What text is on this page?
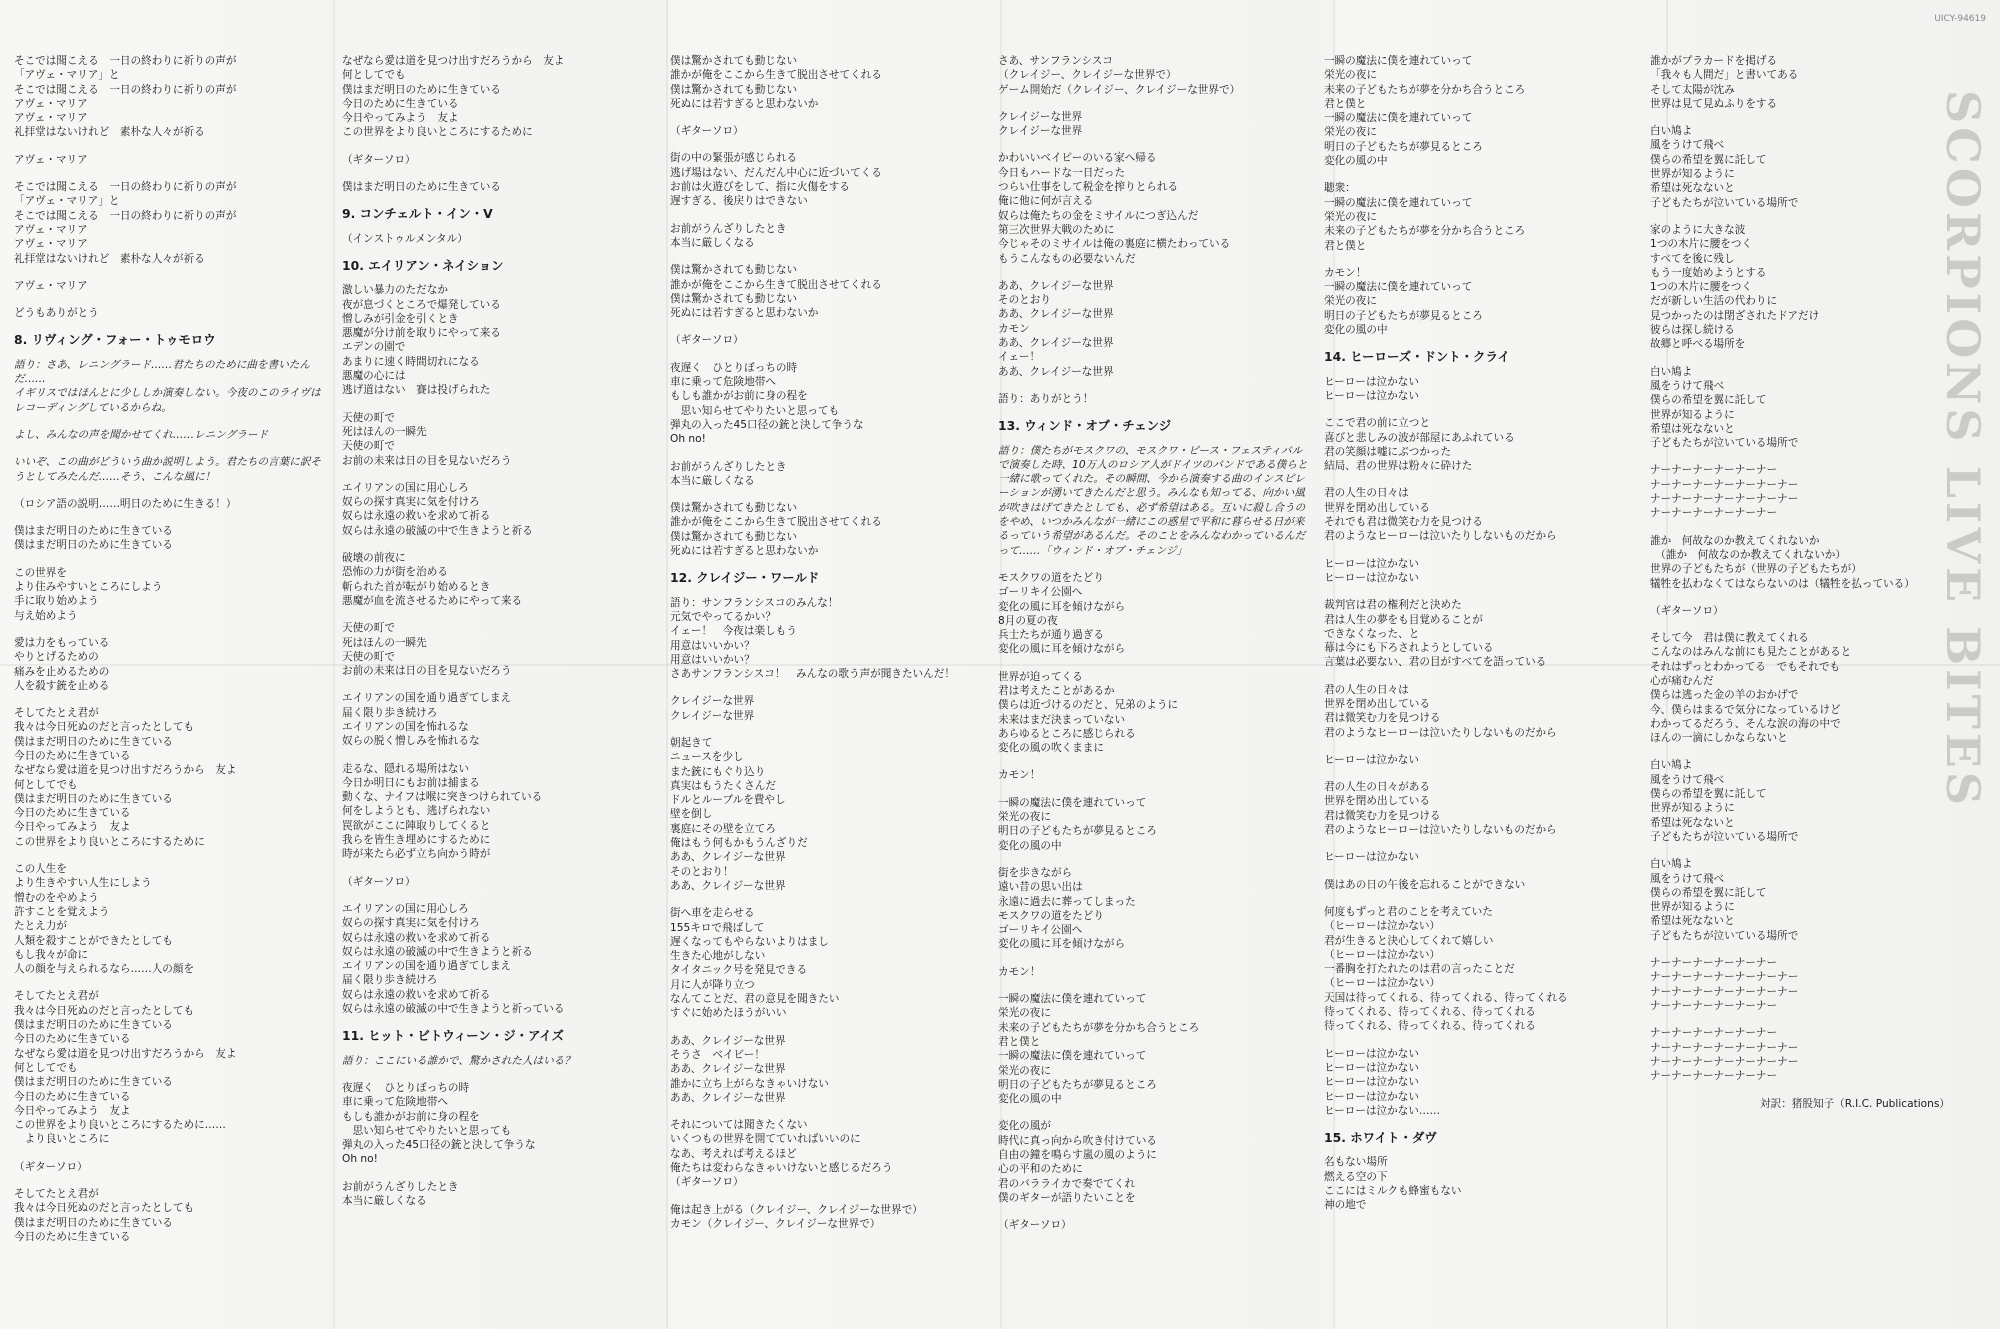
そこでは聞こえる　一日の終わりに祈りの声が
「アヴェ・マリア」と
そこでは聞こえる　一日の終わりに祈りの声が
アヴェ・マリア
アヴェ・マリア
礼拝堂はないけれど　素朴な人々が祈る
アヴェ・マリア
そこでは聞こえる　一日の終わりに祈りの声が
「アヴェ・マリア」と
そこでは聞こえる　一日の終わりに祈りの声が
アヴェ・マリア
アヴェ・マリア
礼拝堂はないけれど　素朴な人々が祈る
アヴェ・マリア
どうもありがとう
8. リヴィング・フォー・トゥモロウ
語り：さあ、レニングラード……君たちのために曲を書いたんだ……
イギリスではほんとに少ししか演奏しない。今夜のこのライヴはレコーディングしているからね。
よし、みんなの声を聞かせてくれ……レニングラード
いいぞ、この曲がどういう曲か説明しよう。君たちの言葉に訳そうとしてみたんだ……そう、こんな風に！
（ロシア語の説明……明日のために生きる！）
僕はまだ明日のために生きている
僕はまだ明日のために生きている
この世界を
より住みやすいところにしよう
手に取り始めよう
与え始めよう
愛は力をもっている
やりとげるための
痛みを止めるための
人を殺す銃を止める
そしてたとえ君が
我々は今日死ぬのだと言ったとしても
僕はまだ明日のために生きている
今日のために生きている
なぜなら愛は道を見つけ出すだろうから　友よ
何としてでも
僕はまだ明日のために生きている
今日のために生きている
今日やってみよう　友よ
この世界をより良いところにするために
この人生を
より生きやすい人生にしよう
憎むのをやめよう
許すことを覚えよう
たとえ力が
人類を殺すことができたとしても
もし我々が命に
人の顔を与えられるなら……人の顔を
そしてたとえ君が
我々は今日死ぬのだと言ったとしても
僕はまだ明日のために生きている
今日のために生きている
なぜなら愛は道を見つけ出すだろうから　友よ
何としてでも
僕はまだ明日のために生きている
今日のために生きている
今日やってみよう　友よ
この世界をより良いところにするために……
　より良いところに
（ギターソロ）
そしてたとえ君が
我々は今日死ぬのだと言ったとしても
僕はまだ明日のために生きている
今日のために生きている
なぜなら愛は道を見つけ出すだろうから　友よ
何としてでも
僕はまだ明日のために生きている
今日のために生きている
今日やってみよう　友よ
この世界をより良いところにするために
（ギターソロ）
僕はまだ明日のために生きている
9. コンチェルト・イン・V
（インストゥルメンタル）
10. エイリアン・ネイション
激しい暴力のただなか
夜が息づくところで爆発している
憎しみが引金を引くとき
悪魔が分け前を取りにやって来る
エデンの園で
あまりに速く時間切れになる
悪魔の心には
逃げ道はない　賽は投げられた
天使の町で
死はほんの一瞬先
天使の町で
お前の未来は日の目を見ないだろう
エイリアンの国に用心しろ
奴らの探す真実に気を付けろ
奴らは永遠の救いを求めて祈る
奴らは永遠の破滅の中で生きようと祈る
破壊の前夜に
恐怖の力が街を治める
斬られた首が転がり始めるとき
悪魔が血を流させるためにやって来る
天使の町で
死はほんの一瞬先
天使の町で
お前の未来は日の目を見ないだろう
エイリアンの国を通り過ぎてしまえ
届く限り歩き続けろ
エイリアンの国を怖れるな
奴らの脱く憎しみを怖れるな
走るな、隠れる場所はない
今日か明日にもお前は捕まる
動くな、ナイフは喉に突きつけられている
何をしようとも、逃げられない
罠欲がここに陣取りしてくると
我らを皆生き埋めにするために
時が来たら必ず立ち向かう時が
（ギターソロ）
エイリアンの国に用心しろ
奴らの探す真実に気を付けろ
奴らは永遠の救いを求めて祈る
奴らは永遠の破滅の中で生きようと祈る
エイリアンの国を通り過ぎてしまえ
届く限り歩き続けろ
奴らは永遠の救いを求めて祈る
奴らは永遠の破滅の中で生きようと祈っている
11. ヒット・ビトウィーン・ジ・アイズ
語り：ここにいる誰かで、驚かされた人はいる？
夜遅く　ひとりぼっちの時
車に乗って危険地帯へ
もしも誰かがお前に身の程を
　思い知らせてやりたいと思っても
弾丸の入った45口径の銃と決して争うな
Oh no!
お前がうんざりしたとき
本当に厳しくなる
僕は驚かされても動じない
誰かが俺をここから生きて脱出させてくれる
僕は驚かされても動じない
死ぬには若すぎると思わないか
（ギターソロ）
街の中の緊張が感じられる
逃げ場はない、だんだん中心に近づいてくる
お前は火遊びをして、指に火傷をする
遅すぎる、後戻りはできない
お前がうんざりしたとき
本当に厳しくなる
僕は驚かされても動じない
誰かが俺をここから生きて脱出させてくれる
僕は驚かされても動じない
死ぬには若すぎると思わないか
（ギターソロ）
夜遅く　ひとりぼっちの時
車に乗って危険地帯へ
もしも誰かがお前に身の程を
　思い知らせてやりたいと思っても
弾丸の入った45口径の銃と決して争うな
Oh no!
お前がうんざりしたとき
本当に厳しくなる
僕は驚かされても動じない
誰かが俺をここから生きて脱出させてくれる
僕は驚かされても動じない
死ぬには若すぎると思わないか
12. クレイジー・ワールド
語り：サンフランシスコのみんな！
元気でやってるかい？
イェー！　今夜は楽しもう
用意はいいかい？
用意はいいかい？
さあサンフランシスコ！　みんなの歌う声が聞きたいんだ！
クレイジーな世界
クレイジーな世界
朝起きて
ニュースを少し
また銃にもぐり込り
真実はもうたくさんだ
ドルとルーブルを費やし
壁を倒し
裏庭にその壁を立てろ
俺はもう何もかもうんざりだ
ああ、クレイジーな世界
そのとおり！
ああ、クレイジーな世界
街へ車を走らせる
155キロで飛ばして
遅くなってもやらないよりはまし
生きた心地がしない
タイタニック号を発見できる
月に人が降り立つ
なんてことだ、君の意見を聞きたい
すぐに始めたほうがいい
ああ、クレイジーな世界
そうさ　ベイビー！
ああ、クレイジーな世界
誰かに立ち上がらなきゃいけない
ああ、クレイジーな世界
それについては聞きたくない
いくつもの世界を開てていればいいのに
なあ、考えれば考えるほど
俺たちは変わらなきゃいけないと感じるだろう
（ギターソロ）
俺は起き上がる（クレイジー、クレイジーな世界で）
カモン（クレイジー、クレイジーな世界で）
さあ、サンフランシスコ
（クレイジー、クレイジーな世界で）
ゲーム開始だ（クレイジー、クレイジーな世界で）
クレイジーな世界
クレイジーな世界
かわいいベイビーのいる家へ帰る
今日もハードな一日だった
つらい仕事をして税金を搾りとられる
俺に他に何が言える
奴らは俺たちの金をミサイルにつぎ込んだ
第三次世界大戦のために
今じゃそのミサイルは俺の裏庭に横たわっている
もうこんなもの必要ないんだ
ああ、クレイジーな世界
そのとおり
ああ、クレイジーな世界
カモン
ああ、クレイジーな世界
イェー！
ああ、クレイジーな世界
語り：ありがとう！
13. ウィンド・オブ・チェンジ
語り：僕たちがモスクワの、モスクワ・ピース・フェスティバルで演奏した時、10万人のロシア人がドイツのバンドである僕らと一緒に歌ってくれた。その瞬間、今から演奏する曲のインスピレーションが湧いてきたんだと思う。みんなも知ってる、向かい風が吹きはげてきたとしても、必ず希望はある。互いに殺し合うのをやめ、いつかみんなが一緒にこの惑星で平和に暮らせる日が来るっていう希望があるんだ。そのことをみんなわかっているんだって……「ウィンド・オブ・チェンジ」
モスクワの道をたどり
ゴーリキイ公園へ
変化の風に耳を傾けながら
8月の夏の夜
兵士たちが通り過ぎる
変化の風に耳を傾けながら
世界が迫ってくる
君は考えたことがあるか
僕らは近づけるのだと、兄弟のように
未来はまだ決まっていない
あらゆるところに感じられる
変化の風の吹くままに
カモン！
一瞬の魔法に僕を連れていって
栄光の夜に
明日の子どもたちが夢見るところ
変化の風の中
街を歩きながら
遠い昔の思い出は
永遠に過去に葬ってしまった
モスクワの道をたどり
ゴーリキイ公園へ
変化の風に耳を傾けながら
カモン！
一瞬の魔法に僕を連れていって
栄光の夜に
未来の子どもたちが夢を分かち合うところ
君と僕と
一瞬の魔法に僕を連れていって
栄光の夜に
明日の子どもたちが夢見るところ
変化の風の中
変化の風が
時代に真っ向から吹き付けている
自由の鐘を鳴らす嵐の風のように
心の平和のために
君のバラライカで奏でてくれ
僕のギターが語りたいことを
（ギターソロ）
一瞬の魔法に僕を連れていって
栄光の夜に
未来の子どもたちが夢を分かち合うところ
君と僕と
一瞬の魔法に僕を連れていって
栄光の夜に
明日の子どもたちが夢見るところ
変化の風の中
聴衆：
一瞬の魔法に僕を連れていって
栄光の夜に
未来の子どもたちが夢を分かち合うところ
君と僕と
カモン！
一瞬の魔法に僕を連れていって
栄光の夜に
明日の子どもたちが夢見るところ
変化の風の中
14. ヒーローズ・ドント・クライ
ヒーローは泣かない
ヒーローは泣かない
ここで君の前に立つと
喜びと悲しみの波が部屋にあふれている
君の笑顔は嘘にぶつかった
結局、君の世界は粉々に砕けた
君の人生の日々は
世界を閉め出している
それでも君は微笑む力を見つける
君のようなヒーローは泣いたりしないものだから
ヒーローは泣かない
ヒーローは泣かない
裁判官は君の権利だと決めた
君は人生の夢をも目覚めることが
できなくなった、と
幕は今にも下ろされようとしている
言葉は必要ない、君の目がすべてを語っている
君の人生の日々は
世界を閉め出している
君は微笑む力を見つける
君のようなヒーローは泣いたりしないものだから
ヒーローは泣かない
君の人生の日々がある
世界を閉め出している
君は微笑む力を見つける
君のようなヒーローは泣いたりしないものだから
ヒーローは泣かない
僕はあの日の午後を忘れることができない
何度もずっと君のことを考えていた
（ヒーローは泣かない）
君が生きると決心してくれて嬉しい
（ヒーローは泣かない）
一番胸を打たれたのは君の言ったことだ
（ヒーローは泣かない）
天国は待ってくれる、待ってくれる、待ってくれる
待ってくれる、待ってくれる、待ってくれる
待ってくれる、待ってくれる、待ってくれる
ヒーローは泣かない
ヒーローは泣かない
ヒーローは泣かない
ヒーローは泣かない
ヒーローは泣かない……
15. ホワイト・ダヴ
名もない場所
燃える空の下
ここにはミルクも蜂蜜もない
神の地で
誰かがプラカードを掲げる
「我々も人間だ」と書いてある
そして太陽が沈み
世界は見て見ぬふりをする
白い鳩よ
風をうけて飛べ
僕らの希望を翼に託して
世界が知るように
希望は死なないと
子どもたちが泣いている場所で
家のように大きな波
1つの木片に腰をつく
すべてを後に残し
もう一度始めようとする
1つの木片に腰をつく
だが新しい生活の代わりに
見つかったのは閉ざされたドアだけ
彼らは探し続ける
故郷と呼べる場所を
白い鳩よ
風をうけて飛べ
僕らの希望を翼に託して
世界が知るように
希望は死なないと
子どもたちが泣いている場所で
ナーナーナーナーナーナー
ナーナーナーナーナーナーナー
ナーナーナーナーナーナーナー
ナーナーナーナーナーナー
誰か　何故なのか教えてくれないか
　（誰か　何故なのか教えてくれないか）
世界の子どもたちが（世界の子どもたちが）
犠牲を払わなくてはならないのは（犠牲を払っている）
（ギターソロ）
そして今　君は僕に教えてくれる
こんなのはみんな前にも見たことがあると
それはずっとわかってる　でもそれでも
心が痛むんだ
僕らは逃った金の羊のおかげで
今、僕らはまるで気分になっているけど
わかってるだろう、そんな涙の海の中で
ほんの一滴にしかならないと
白い鳩よ
風をうけて飛べ
僕らの希望を翼に託して
世界が知るように
希望は死なないと
子どもたちが泣いている場所で
白い鳩よ
風をうけて飛べ
僕らの希望を翼に託して
世界が知るように
希望は死なないと
子どもたちが泣いている場所で
ナーナーナーナーナーナー
ナーナーナーナーナーナーナー
ナーナーナーナーナーナーナー
ナーナーナーナーナーナー
ナーナーナーナーナーナー
ナーナーナーナーナーナーナー
ナーナーナーナーナーナーナー
ナーナーナーナーナーナー
対訳：猪股知子（R.I.C. Publications）
UICY-94619
SCORPIONS LIVE BITES
